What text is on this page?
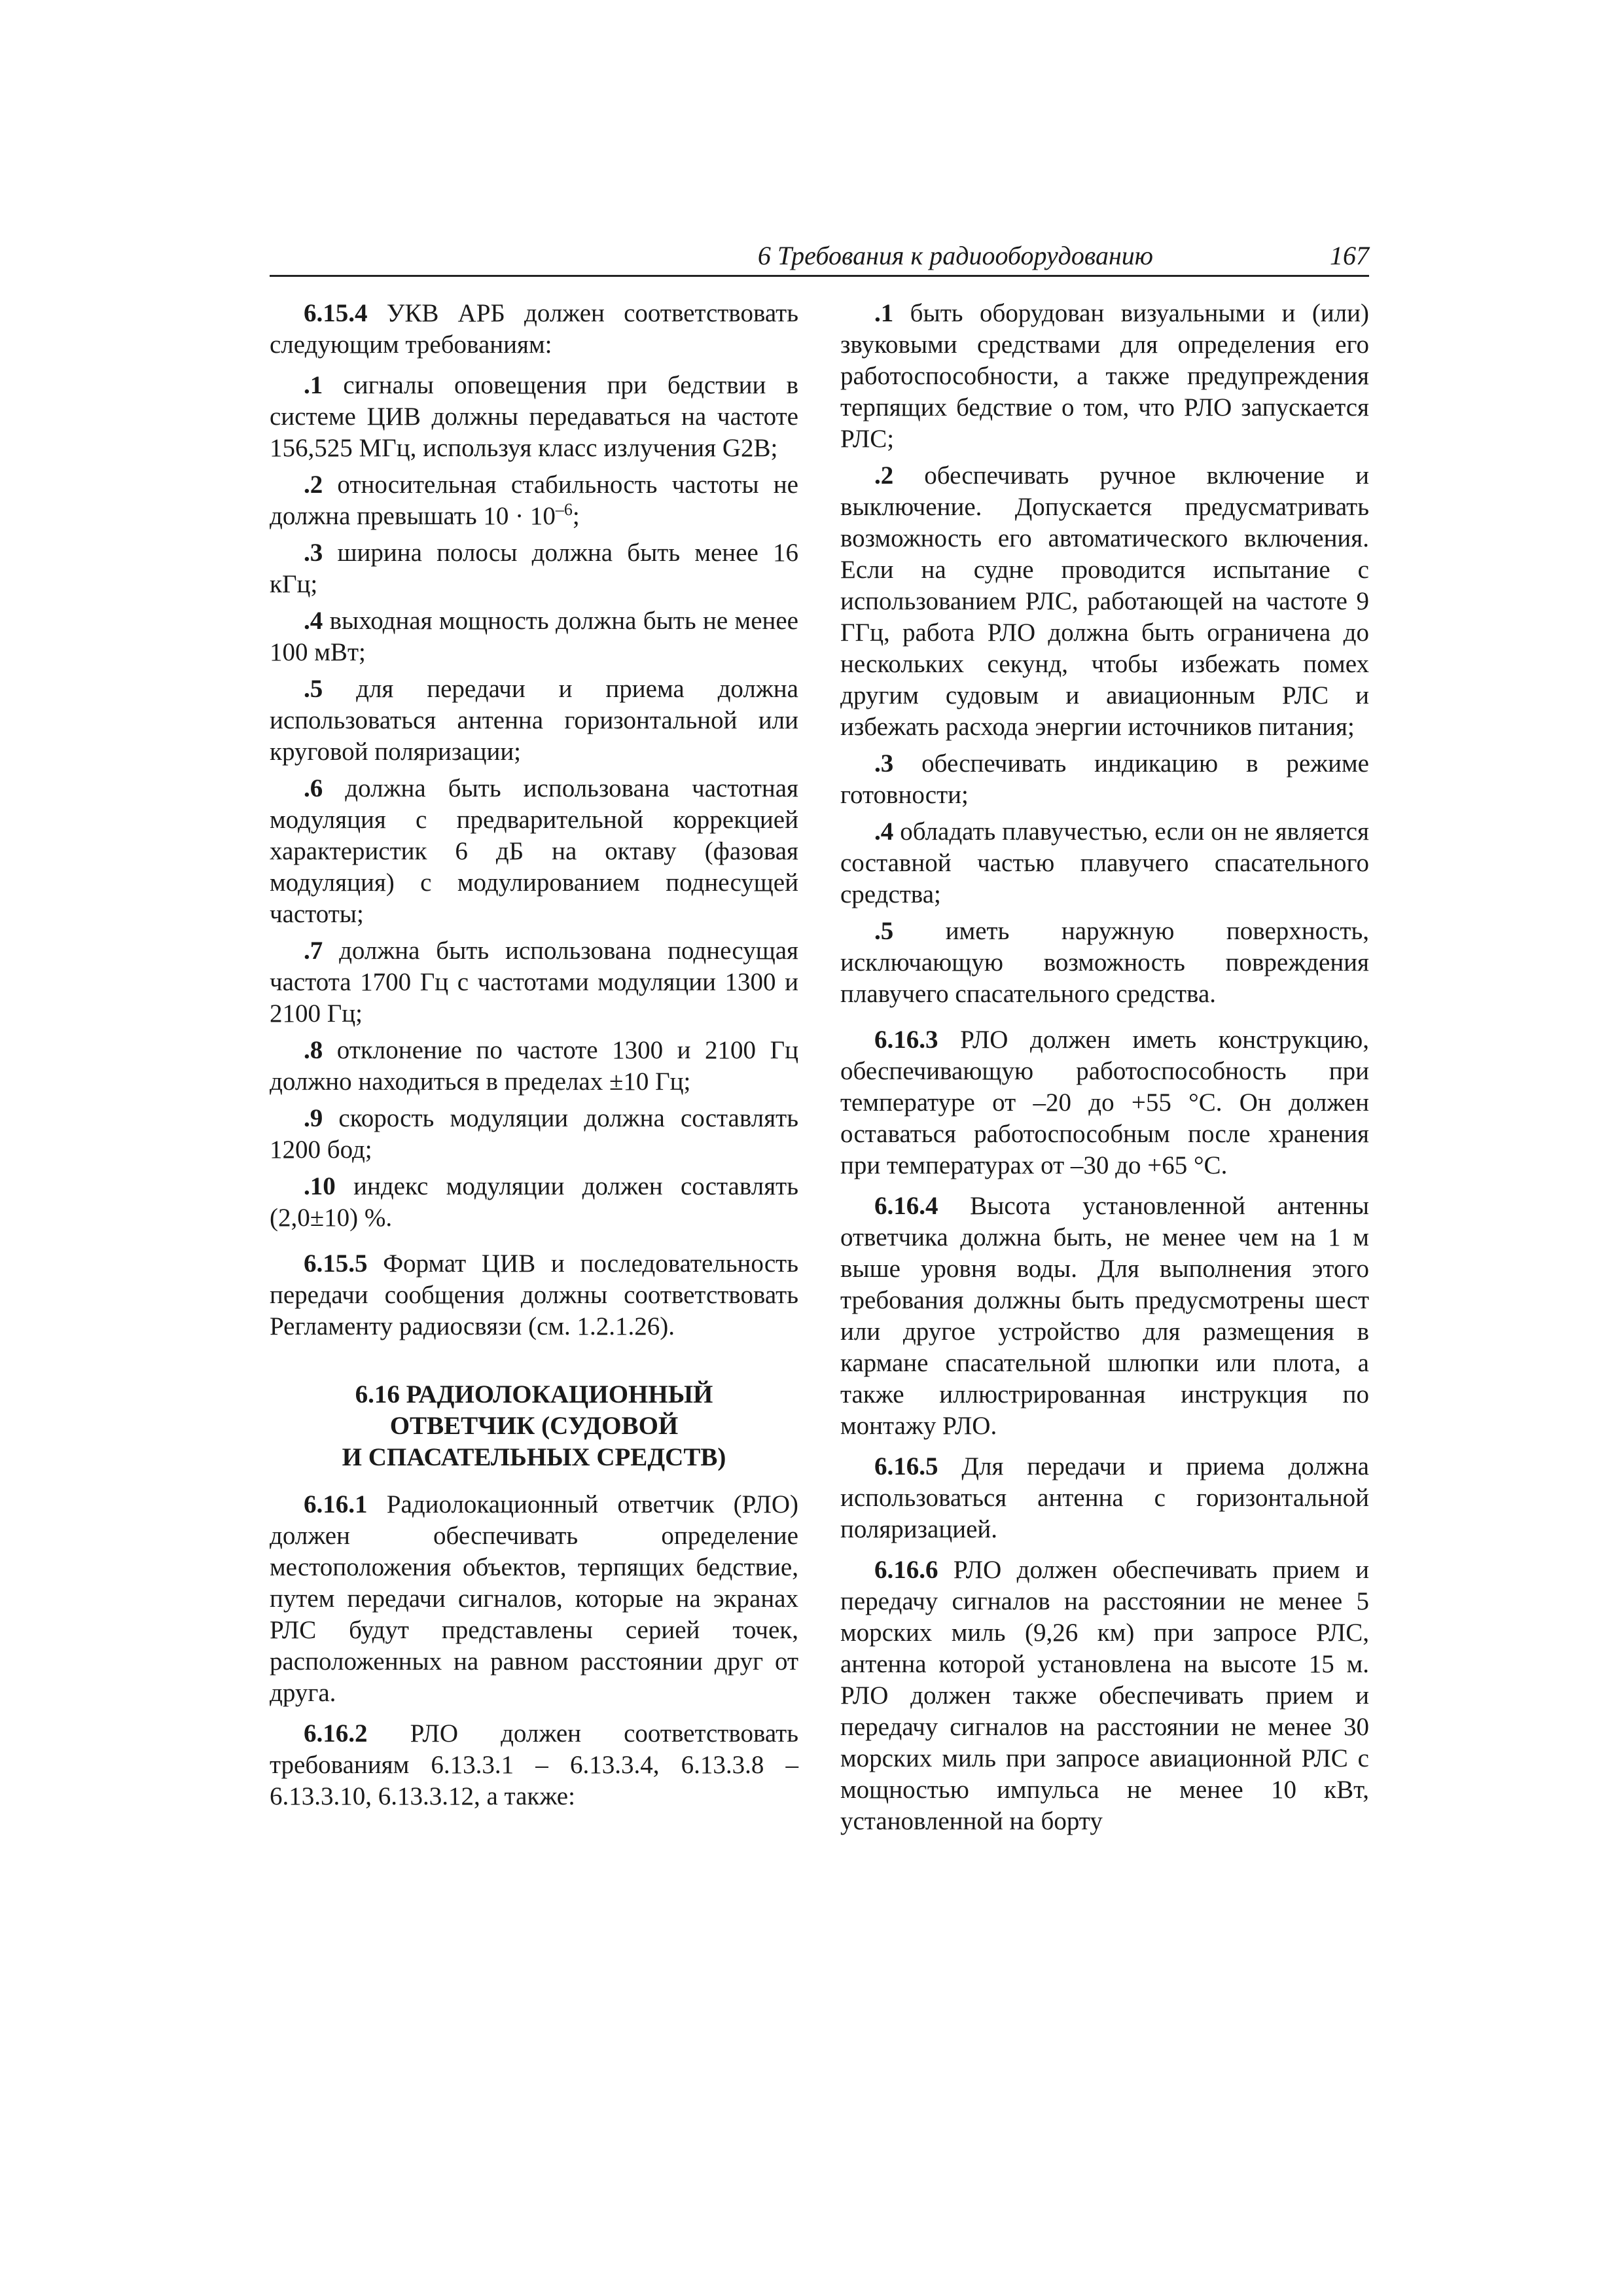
6 Требования к радиооборудованию	167

6.15.4 УКВ АРБ должен соответствовать следующим требованиям:

.1 сигналы оповещения при бедствии в системе ЦИВ должны передаваться на частоте 156,525 МГц, используя класс излучения G2B;

.2 относительная стабильность частоты не должна превышать $10 \cdot 10^{-6}$;

.3 ширина полосы должна быть менее 16 кГц;

.4 выходная мощность должна быть не менее 100 мВт;

.5 для передачи и приема должна использоваться антенна горизонтальной или круговой поляризации;

.6 должна быть использована частотная модуляция с предварительной коррекцией характеристик 6 дБ на октаву (фазовая модуляция) с модулированием поднесущей частоты;

.7 должна быть использована поднесущая частота 1700 Гц с частотами модуляции 1300 и 2100 Гц;

.8 отклонение по частоте 1300 и 2100 Гц должно находиться в пределах ±10 Гц;

.9 скорость модуляции должна составлять 1200 бод;

.10 индекс модуляции должен составлять (2,0±10) %.

6.15.5 Формат ЦИВ и последовательность передачи сообщения должны соответствовать Регламенту радиосвязи (см. 1.2.1.26).

6.16 РАДИОЛОКАЦИОННЫЙ
ОТВЕТЧИК (СУДОВОЙ
И СПАСАТЕЛЬНЫХ СРЕДСТВ)

6.16.1 Радиолокационный ответчик (РЛО) должен обеспечивать определение местоположения объектов, терпящих бедствие, путем передачи сигналов, которые на экранах РЛС будут представлены серией точек, расположенных на равном расстоянии друг от друга.

6.16.2 РЛО должен соответствовать требованиям 6.13.3.1 – 6.13.3.4, 6.13.3.8 – 6.13.3.10, 6.13.3.12, а также:

.1 быть оборудован визуальными и (или) звуковыми средствами для определения его работоспособности, а также предупреждения терпящих бедствие о том, что РЛО запускается РЛС;

.2 обеспечивать ручное включение и выключение. Допускается предусматривать возможность его автоматического включения. Если на судне проводится испытание с использованием РЛС, работающей на частоте 9 ГГц, работа РЛО должна быть ограничена до нескольких секунд, чтобы избежать помех другим судовым и авиационным РЛС и избежать расхода энергии источников питания;

.3 обеспечивать индикацию в режиме готовности;

.4 обладать плавучестью, если он не является составной частью плавучего спасательного средства;

.5 иметь наружную поверхность, исключающую возможность повреждения плавучего спасательного средства.

6.16.3 РЛО должен иметь конструкцию, обеспечивающую работоспособность при температуре от –20 до +55 °C. Он должен оставаться работоспособным после хранения при температурах от –30 до +65 °C.

6.16.4 Высота установленной антенны ответчика должна быть, не менее чем на 1 м выше уровня воды. Для выполнения этого требования должны быть предусмотрены шест или другое устройство для размещения в кармане спасательной шлюпки или плота, а также иллюстрированная инструкция по монтажу РЛО.

6.16.5 Для передачи и приема должна использоваться антенна с горизонтальной поляризацией.

6.16.6 РЛО должен обеспечивать прием и передачу сигналов на расстоянии не менее 5 морских миль (9,26 км) при запросе РЛС, антенна которой установлена на высоте 15 м. РЛО должен также обеспечивать прием и передачу сигналов на расстоянии не менее 30 морских миль при запросе авиационной РЛС с мощностью импульса не менее 10 кВт, установленной на борту
